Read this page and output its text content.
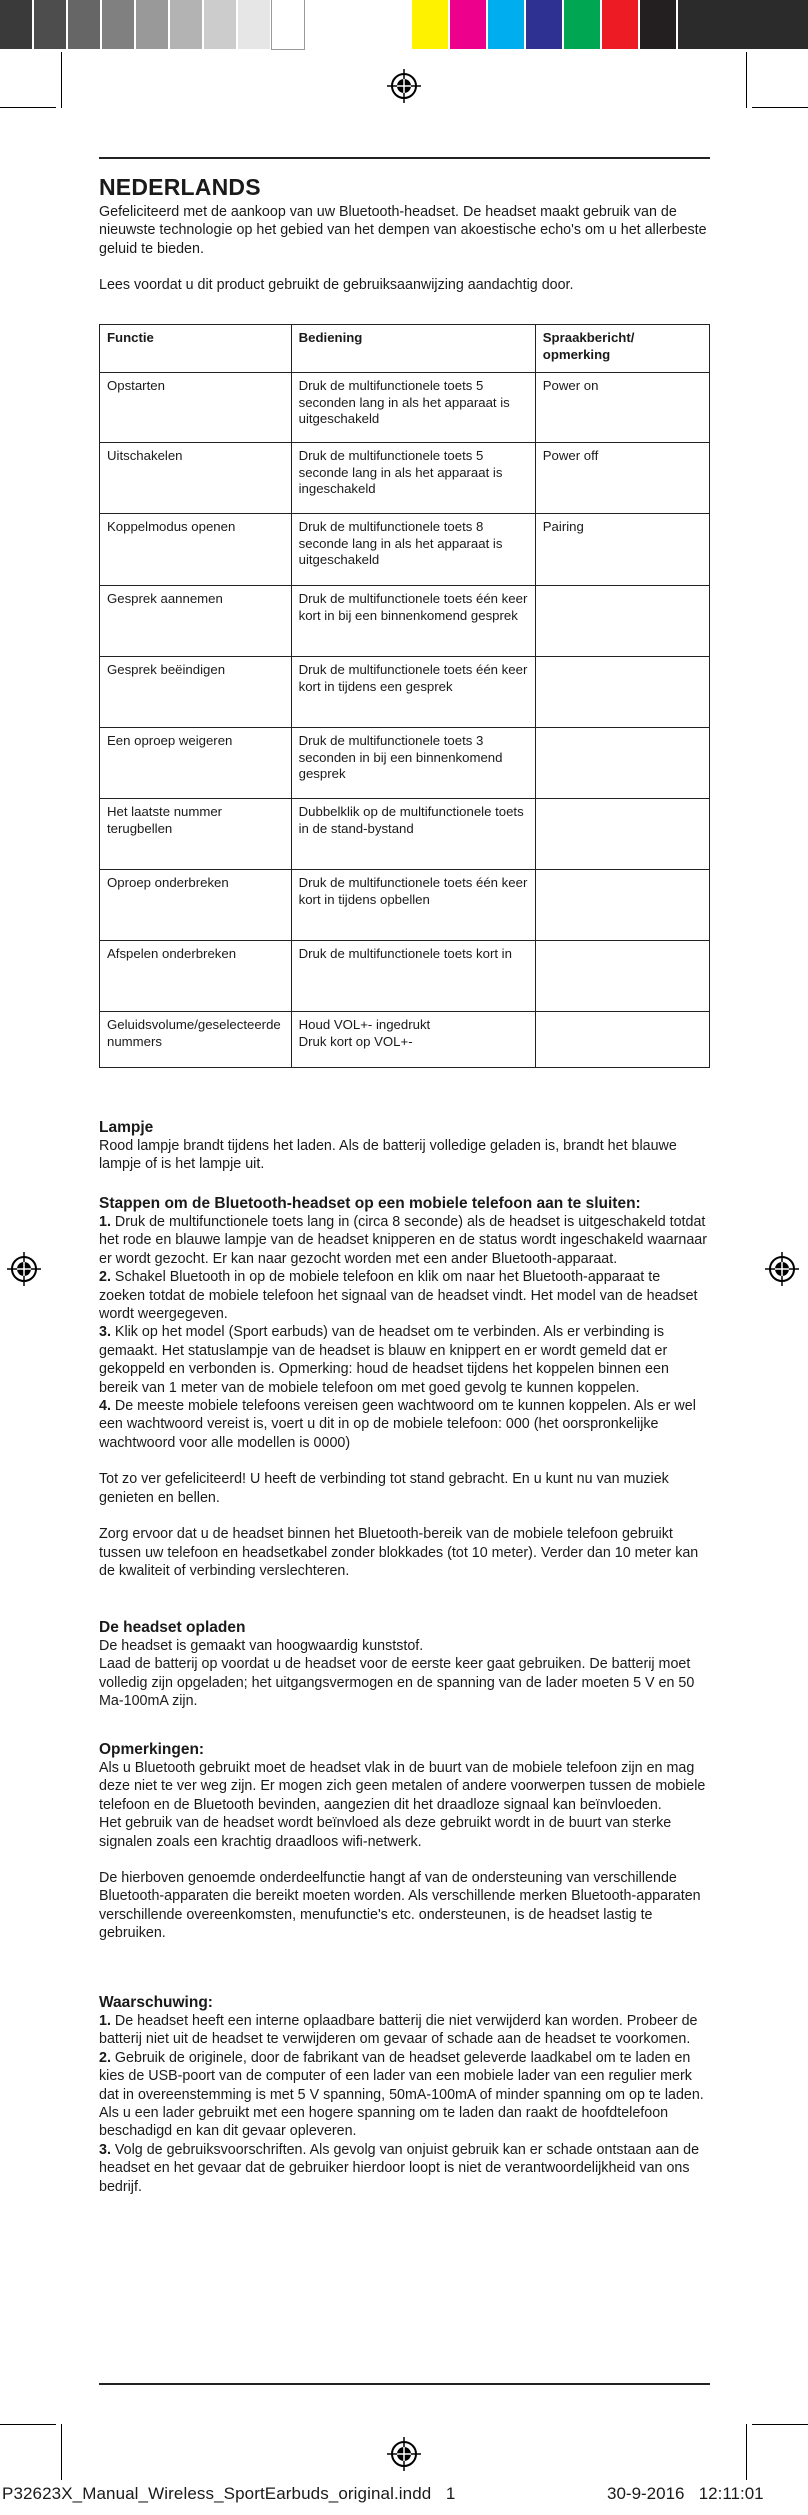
NEDERLANDS

Gefeliciteerd met de aankoop van uw Bluetooth-headset. De headset maakt gebruik van de nieuwste technologie op het gebied van het dempen van akoestische echo's om u het allerbeste geluid te bieden.

Lees voordat u dit product gebruikt de gebruiksaanwijzing aandachtig door.

Functie	Bediening	Spraakbericht/ opmerking
Opstarten	Druk de multifunctionele toets 5 seconden lang in als het apparaat is uitgeschakeld	Power on
Uitschakelen	Druk de multifunctionele toets 5 seconde lang in als het apparaat is ingeschakeld	Power off
Koppelmodus openen	Druk de multifunctionele toets 8 seconde lang in als het apparaat is uitgeschakeld	Pairing
Gesprek aannemen	Druk de multifunctionele toets één keer kort in bij een binnenkomend gesprek	
Gesprek beëindigen	Druk de multifunctionele toets één keer kort in tijdens een gesprek	
Een oproep weigeren	Druk de multifunctionele toets 3 seconden in bij een binnenkomend gesprek	
Het laatste nummer terugbellen	Dubbelklik op de multifunctionele toets in de stand-bystand	
Oproep onderbreken	Druk de multifunctionele toets één keer kort in tijdens opbellen	
Afspelen onderbreken	Druk de multifunctionele toets kort in	
Geluidsvolume/geselecteerde nummers	Houd VOL+- ingedrukt
Druk kort op VOL+-	

Lampje

Rood lampje brandt tijdens het laden. Als de batterij volledige geladen is, brandt het blauwe lampje of is het lampje uit.

Stappen om de Bluetooth-headset op een mobiele telefoon aan te sluiten:

1. Druk de multifunctionele toets lang in (circa 8 seconde) als de headset is uitgeschakeld totdat het rode en blauwe lampje van de headset knipperen en de status wordt ingeschakeld waarnaar er wordt gezocht. Er kan naar gezocht worden met een ander Bluetooth-apparaat.

2. Schakel Bluetooth in op de mobiele telefoon en klik om naar het Bluetooth-apparaat te zoeken totdat de mobiele telefoon het signaal van de headset vindt. Het model van de headset wordt weergegeven.

3. Klik op het model (Sport earbuds) van de headset om te verbinden. Als er verbinding is gemaakt. Het statuslampje van de headset is blauw en knippert en er wordt gemeld dat er gekoppeld en verbonden is. Opmerking: houd de headset tijdens het koppelen binnen een bereik van 1 meter van de mobiele telefoon om met goed gevolg te kunnen koppelen.

4. De meeste mobiele telefoons vereisen geen wachtwoord om te kunnen koppelen. Als er wel een wachtwoord vereist is, voert u dit in op de mobiele telefoon: 000 (het oorspronkelijke wachtwoord voor alle modellen is 0000)

Tot zo ver gefeliciteerd! U heeft de verbinding tot stand gebracht. En u kunt nu van muziek genieten en bellen.

Zorg ervoor dat u de headset binnen het Bluetooth-bereik van de mobiele telefoon gebruikt tussen uw telefoon en headsetkabel zonder blokkades (tot 10 meter). Verder dan 10 meter kan de kwaliteit of verbinding verslechteren.

De headset opladen

De headset is gemaakt van hoogwaardig kunststof.

Laad de batterij op voordat u de headset voor de eerste keer gaat gebruiken. De batterij moet volledig zijn opgeladen; het uitgangsvermogen en de spanning van de lader moeten 5 V en 50 Ma-100mA zijn.

Opmerkingen:

Als u Bluetooth gebruikt moet de headset vlak in de buurt van de mobiele telefoon zijn en mag deze niet te ver weg zijn. Er mogen zich geen metalen of andere voorwerpen tussen de mobiele telefoon en de Bluetooth bevinden, aangezien dit het draadloze signaal kan beïnvloeden.

Het gebruik van de headset wordt beïnvloed als deze gebruikt wordt in de buurt van sterke signalen zoals een krachtig draadloos wifi-netwerk.

De hierboven genoemde onderdeelfunctie hangt af van de ondersteuning van verschillende Bluetooth-apparaten die bereikt moeten worden. Als verschillende merken Bluetooth-apparaten verschillende overeenkomsten, menufunctie's etc. ondersteunen, is de headset lastig te gebruiken.

Waarschuwing:

1. De headset heeft een interne oplaadbare batterij die niet verwijderd kan worden. Probeer de batterij niet uit de headset te verwijderen om gevaar of schade aan de headset te voorkomen.

2. Gebruik de originele, door de fabrikant van de headset geleverde laadkabel om te laden en kies de USB-poort van de computer of een lader van een mobiele lader van een regulier merk dat in overeenstemming is met 5 V spanning, 50mA-100mA of minder spanning om op te laden. Als u een lader gebruikt met een hogere spanning om te laden dan raakt de hoofdtelefoon beschadigd en kan dit gevaar opleveren.

3. Volg de gebruiksvoorschriften. Als gevolg van onjuist gebruik kan er schade ontstaan aan de headset en het gevaar dat de gebruiker hierdoor loopt is niet de verantwoordelijkheid van ons bedrijf.

P32623X_Manual_Wireless_SportEarbuds_original.indd 1	30-9-2016 12:11:01
